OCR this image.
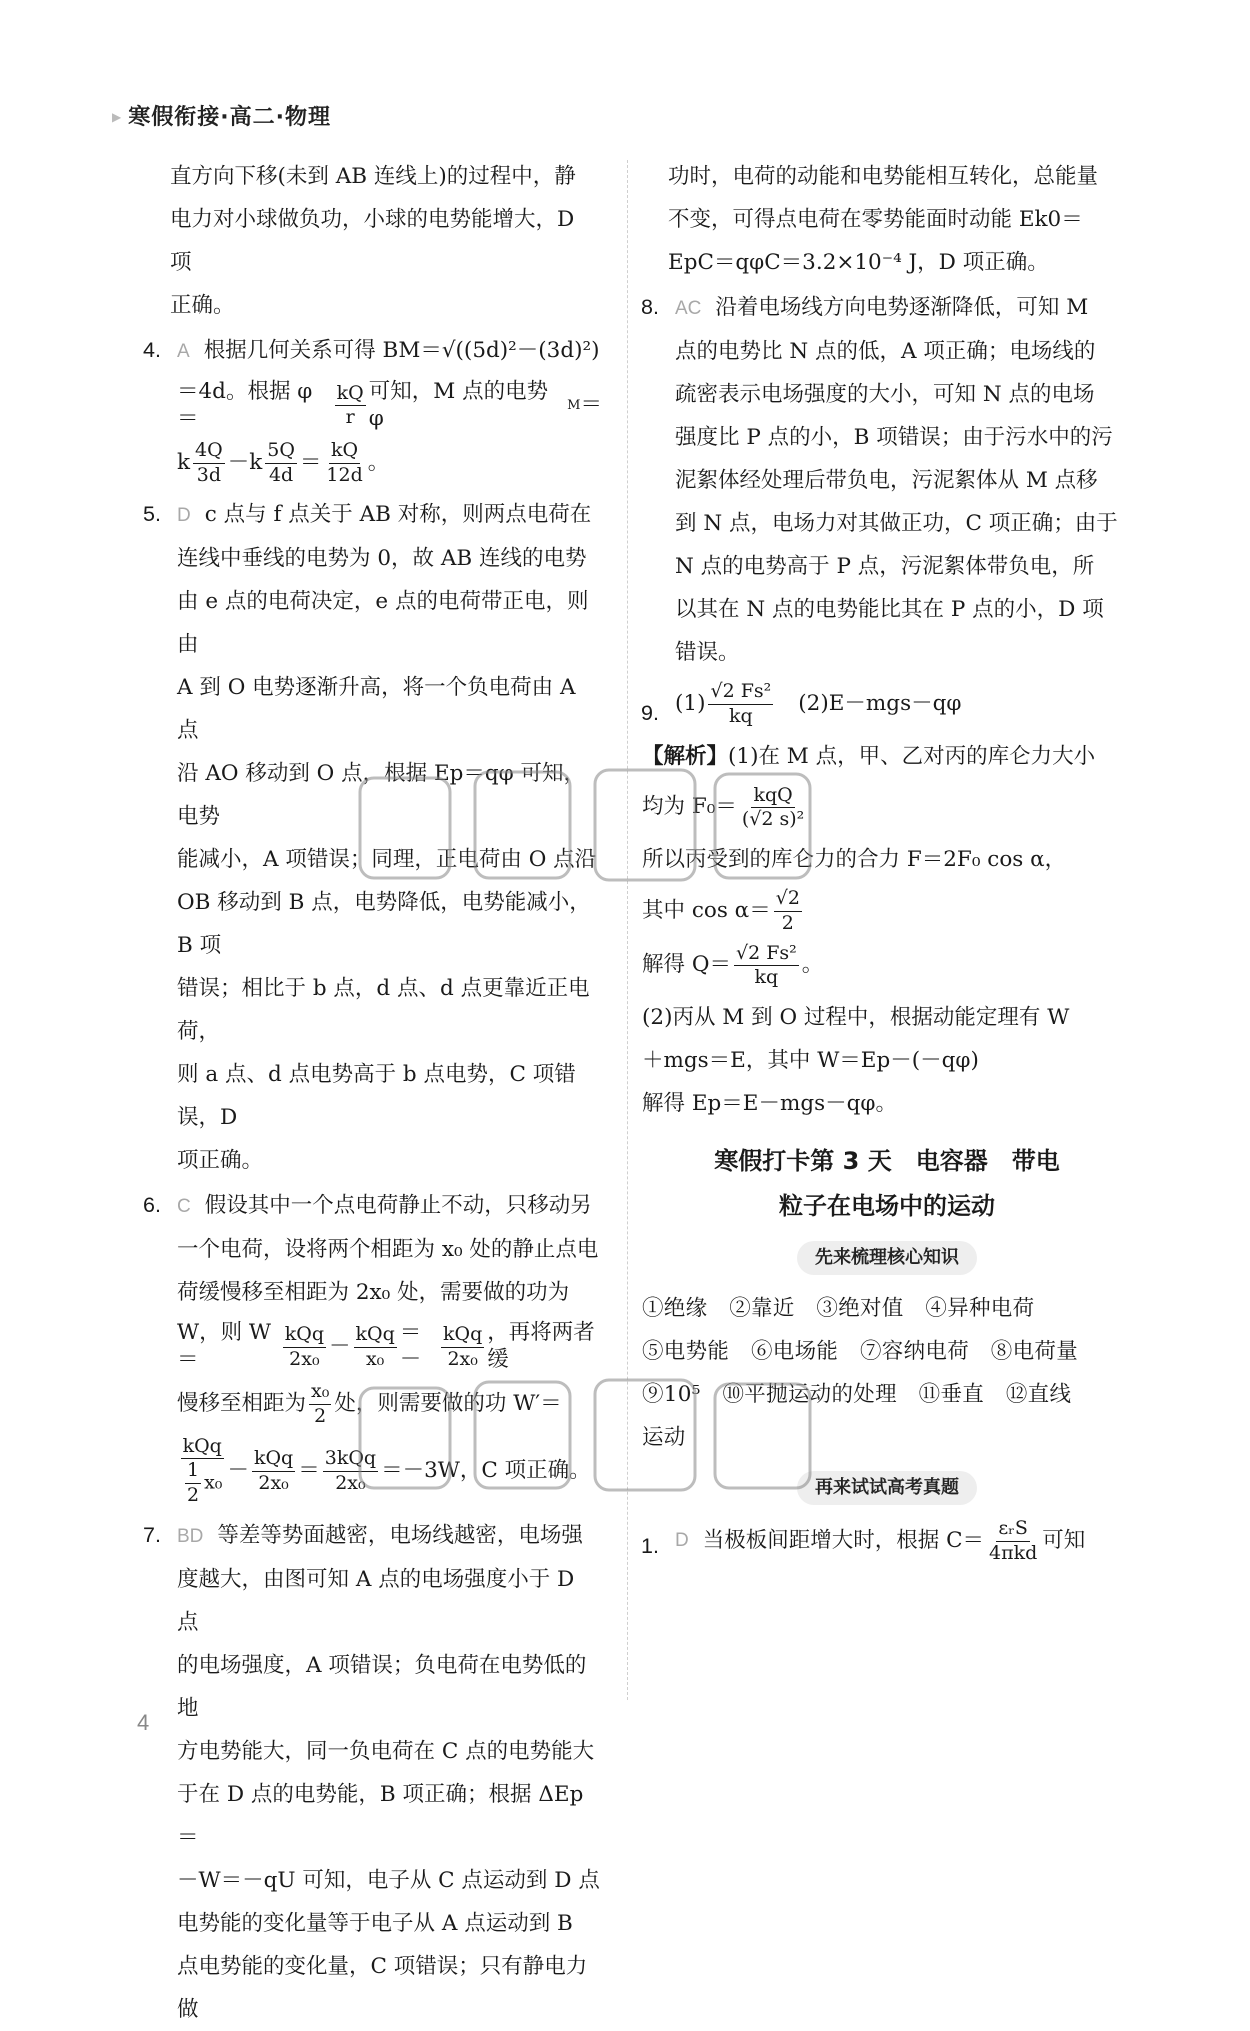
▶ 寒假衔接·高二·物理

直方向下移(未到 AB 连线上)的过程中，静

电力对小球做负功，小球的电势能增大，D 项

正确。

4. A 根据几何关系可得 BM＝√((5d)²－(3d)²)

＝4d。根据 φ＝	$\frac{kQ}{r}$ 可知，M 点的电势 φ
M ＝
k $\frac{4Q}{3d} -k \frac{5Q}{4d} = \frac{kQ}{12d}$ 。
5. D c 点与 f 点关于 AB 对称，则两点电荷在

连线中垂线的电势为 0，故 AB 连线的电势

由 e 点的电荷决定，e 点的电荷带正电，则由

A 到 O 电势逐渐升高，将一个负电荷由 A 点

沿 AO 移动到 O 点，根据 Ep＝qφ 可知，电势

能减小，A 项错误；同理，正电荷由 O 点沿

OB 移动到 B 点，电势降低，电势能减小，B 项

错误；相比于 b 点，d 点、d 点更靠近正电荷，

则 a 点、d 点电势高于 b 点电势，C 项错误，D

项正确。

6. C 假设其中一个点电荷静止不动，只移动另

一个电荷，设将两个相距为 x₀ 处的静止点电

荷缓慢移至相距为 2x₀ 处，需要做的功为

W，则 W＝	$\frac{\text{kQq}}{\text{2x₀}} - \frac{\text{kQq}}{\text{x₀}}$ ＝－	$\frac{\text{kQq}}{\text{2x₀}}$ ，再将两者缓
慢移至相距为 $\frac{\text{x₀}}{2}$ 处，则需要做的功 W′＝
$\frac{\text{kQq}}{\frac{1}{2} x_0} - \frac{\text{kQq}}{\text{2x₀}} = \frac{\text{3kQq}}{\text{2x₀}} =-3W$，C 项正确。
7. BD 等差等势面越密，电场线越密，电场强

度越大，由图可知 A 点的电场强度小于 D 点

的电场强度，A 项错误；负电荷在电势低的地

方电势能大，同一负电荷在 C 点的电势能大

于在 D 点的电势能，B 项正确；根据 ΔEp＝

－W＝－qU 可知，电子从 C 点运动到 D 点

电势能的变化量等于电子从 A 点运动到 B

点电势能的变化量，C 项错误；只有静电力做

功时，电荷的动能和电势能相互转化，总能量

不变，可得点电荷在零势能面时动能 Ek0＝

EpC＝qφC＝3.2×10⁻⁴ J，D 项正确。

8. AC 沿着电场线方向电势逐渐降低，可知 M

点的电势比 N 点的低，A 项正确；电场线的

疏密表示电场强度的大小，可知 N 点的电场

强度比 P 点的小，B 项错误；由于污水中的污

泥絮体经处理后带负电，污泥絮体从 M 点移

到 N 点，电场力对其做正功，C 项正确；由于

N 点的电势高于 P 点，污泥絮体带负电，所

以其在 N 点的电势能比其在 P 点的小，D 项

错误。

9. $(1) \frac{\text{√2 Fs²}}{kq} (2)E-mgs-q\varphi$

【解析】(1)在 M 点，甲、乙对丙的库仑力大小

均为 $F_0= \frac{\text{kqQ}}{\text{(√2 s)²}}$

所以丙受到的库仑力的合力 F＝2F₀ cos α，

其中 $\cos \alpha= \frac{√2}{2}$
解得 $Q= \frac{\text{√2 Fs²}}{kq}$ 。

(2)丙从 M 到 O 过程中，根据动能定理有 W

＋mgs＝E，其中 W＝Ep－(－qφ)

解得 Ep＝E－mgs－qφ。

寒假打卡第 3 天　电容器　带电
粒子在电场中的运动
先来梳理核心知识

①绝缘　②靠近　③绝对值　④异种电荷

⑤电势能　⑥电场能　⑦容纳电荷　⑧电荷量

⑨10⁵　⑩平抛运动的处理　⑪垂直　⑫直线

运动

再来试试高考真题
1. D 当极板间距增大时，根据 $C= \frac{\text{εᵣS}}{\text{4πkd}}$ 可知
4
